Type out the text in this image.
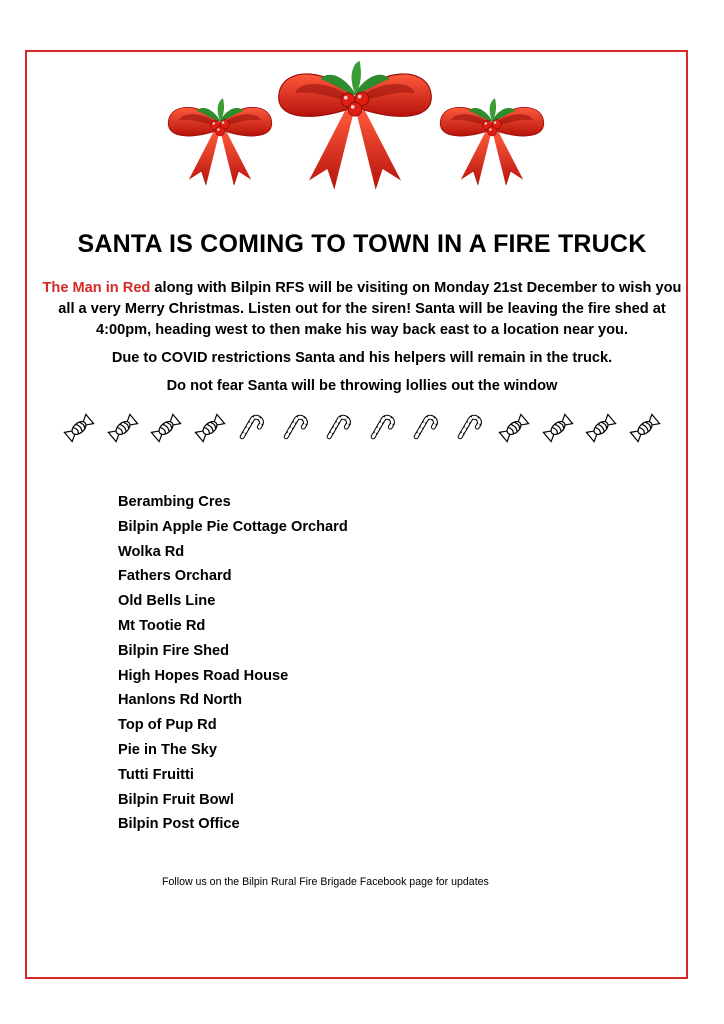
SANTA IS COMING TO TOWN IN A FIRE TRUCK
The Man in Red along with Bilpin RFS will be visiting on Monday 21st December to wish you all a very Merry Christmas. Listen out for the siren! Santa will be leaving the fire shed at 4:00pm, heading west to then make his way back east to a location near you.
Due to COVID restrictions Santa and his helpers will remain in the truck.
Do not fear Santa will be throwing lollies out the window
Berambing Cres
Bilpin Apple Pie Cottage Orchard
Wolka Rd
Fathers Orchard
Old Bells Line
Mt Tootie Rd
Bilpin Fire Shed
High Hopes Road House
Hanlons Rd North
Top of Pup Rd
Pie in The Sky
Tutti Fruitti
Bilpin Fruit Bowl
Bilpin Post Office
Follow us on the Bilpin Rural Fire Brigade Facebook page for updates
